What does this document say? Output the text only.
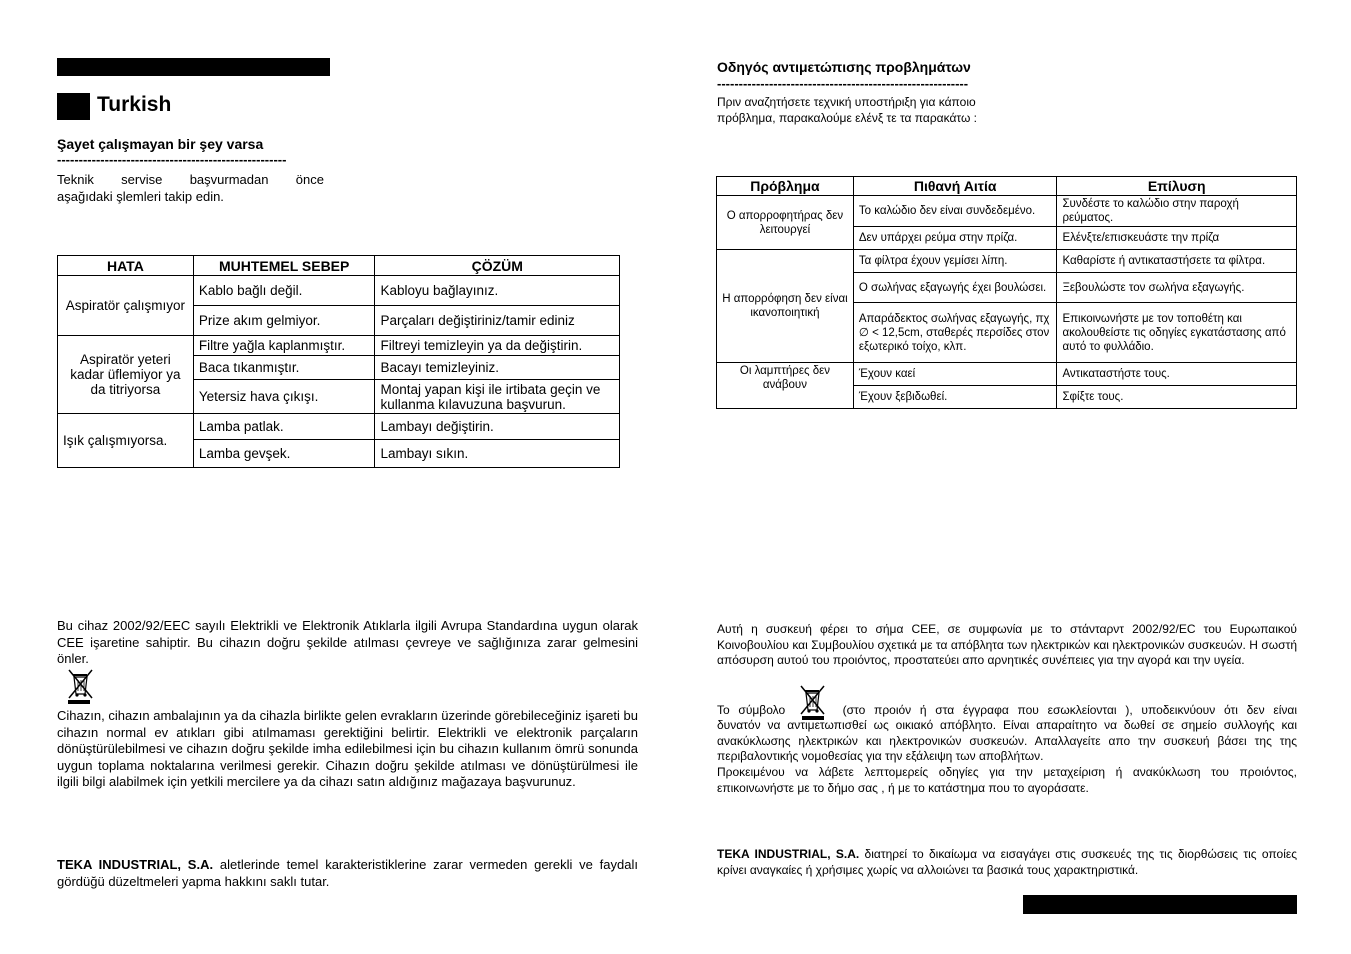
Turkish
Şayet çalışmayan bir şey varsa
-----------------------------------------------------
Teknik servise başvurmadan önce
aşağıdaki şlemleri takip edin.
HATA	MUHTEMEL SEBEP	ÇÖZÜM
Aspiratör çalışmıyor	Kablo bağlı değil.	Kabloyu bağlayınız.
	Prize akım gelmiyor.	Parçaları değiştiriniz/tamir ediniz
Aspiratör yeteri kadar üflemiyor ya da titriyorsa	Filtre yağla kaplanmıştır.	Filtreyi temizleyin ya da değiştirin.
	Baca tıkanmıştır.	Bacayı temizleyiniz.
	Yetersiz hava çıkışı.	Montaj yapan kişi ile irtibata geçin ve kullanma kılavuzuna başvurun.
Işık çalışmıyorsa.	Lamba patlak.	Lambayı değiştirin.
	Lamba gevşek.	Lambayı sıkın.
Bu cihaz 2002/92/EEC sayılı Elektrikli ve Elektronik Atıklarla ilgili Avrupa Standardına uygun olarak CEE işaretine sahiptir. Bu cihazın doğru şekilde atılması çevreye ve sağlığınıza zarar gelmesini önler.
Cihazın, cihazın ambalajının ya da cihazla birlikte gelen evrakların üzerinde görebileceğiniz işareti bu cihazın normal ev atıkları gibi atılmaması gerektiğini belirtir. Elektrikli ve elektronik parçaların dönüştürülebilmesi ve cihazın doğru şekilde imha edilebilmesi için bu cihazın kullanım ömrü sonunda uygun toplama noktalarına verilmesi gerekir. Cihazın doğru şekilde atılması ve dönüştürülmesi ile ilgili bilgi alabilmek için yetkili mercilere ya da cihazı satın aldığınız mağazaya başvurunuz.
TEKA INDUSTRIAL, S.A. aletlerinde temel karakteristiklerine zarar vermeden gerekli ve faydalı gördüğü düzeltmeleri yapma hakkını saklı tutar.
Οδηγός αντιμετώπισης προβλημάτων
----------------------------------------------------------
Πριν αναζητήσετε τεχνική υποστήριξη για κάποιο
πρόβλημα, παρακαλούμε ελένξ τε τα παρακάτω :
Πρόβλημα	Πιθανή Αιτία	Επίλυση
Ο απορροφητήρας δεν λειτουργεί	Το καλώδιο δεν είναι συνδεδεμένο.	Συνδέστε το καλώδιο στην παροχή ρεύματος.
	Δεν υπάρχει ρεύμα στην πρίζα.	Ελένξτε/επισκευάστε την πρίζα
Η απορρόφηση δεν είναι ικανοποιητική	Τα φίλτρα έχουν γεμίσει λίπη.	Καθαρίστε ή αντικαταστήσετε τα φίλτρα.
	Ο σωλήνας εξαγωγής έχει βουλώσει.	Ξεβουλώστε τον σωλήνα εξαγωγής.
	Απαράδεκτος σωλήνας εξαγωγής, πχ ∅ < 12,5cm, σταθερές περσίδες στον εξωτερικό τοίχο, κλπ.	Επικοινωνήστε με τον τοποθέτη και ακολουθείστε τις οδηγίες εγκατάστασης από αυτό το φυλλάδιο.
Οι λαμπτήρες δεν ανάβουν	Έχουν καεί	Αντικαταστήστε τους.
	Έχουν ξεβιδωθεί.	Σφίξτε τους.
Αυτή η συσκευή φέρει το σήμα CEE, σε συμφωνία με το στάνταρντ 2002/92/EC του Ευρωπαικού Κοινοβουλίου και Συμβουλίου σχετικά με τα απόβλητα των ηλεκτρικών και ηλεκτρονικών συσκευών. Η σωστή απόσυρση αυτού του προιόντος, προστατεύει απο αρνητικές συνέπειες για την αγορά και την υγεία.
Το σύμβολο	(στο προιόν ή στα έγγραφα που εσωκλείονται ), υποδεικνύουν ότι δεν είναι
δυνατόν να αντιμετωπισθεί ως οικιακό απόβλητο. Είναι απαραίτητο να δωθεί σε σημείο συλλογής και ανακύκλωσης ηλεκτρικών και ηλεκτρονικών συσκευών. Απαλλαγείτε απο την συσκευή βάσει της της περιβαλοντικής νομοθεσίας για την εξάλειψη των αποβλήτων.
Προκειμένου να λάβετε λεπτομερείς οδηγίες για την μεταχείριση ή ανακύκλωση του προιόντος, επικοινωνήστε με το δήμο σας , ή με το κατάστημα που το αγοράσατε.
TEKA INDUSTRIAL, S.A. διατηρεί το δικαίωμα να εισαγάγει στις συσκευές της τις διορθώσεις τις οποίες κρίνει αναγκαίες ή χρήσιμες χωρίς να αλλοιώνει τα βασικά τους χαρακτηριστικά.
